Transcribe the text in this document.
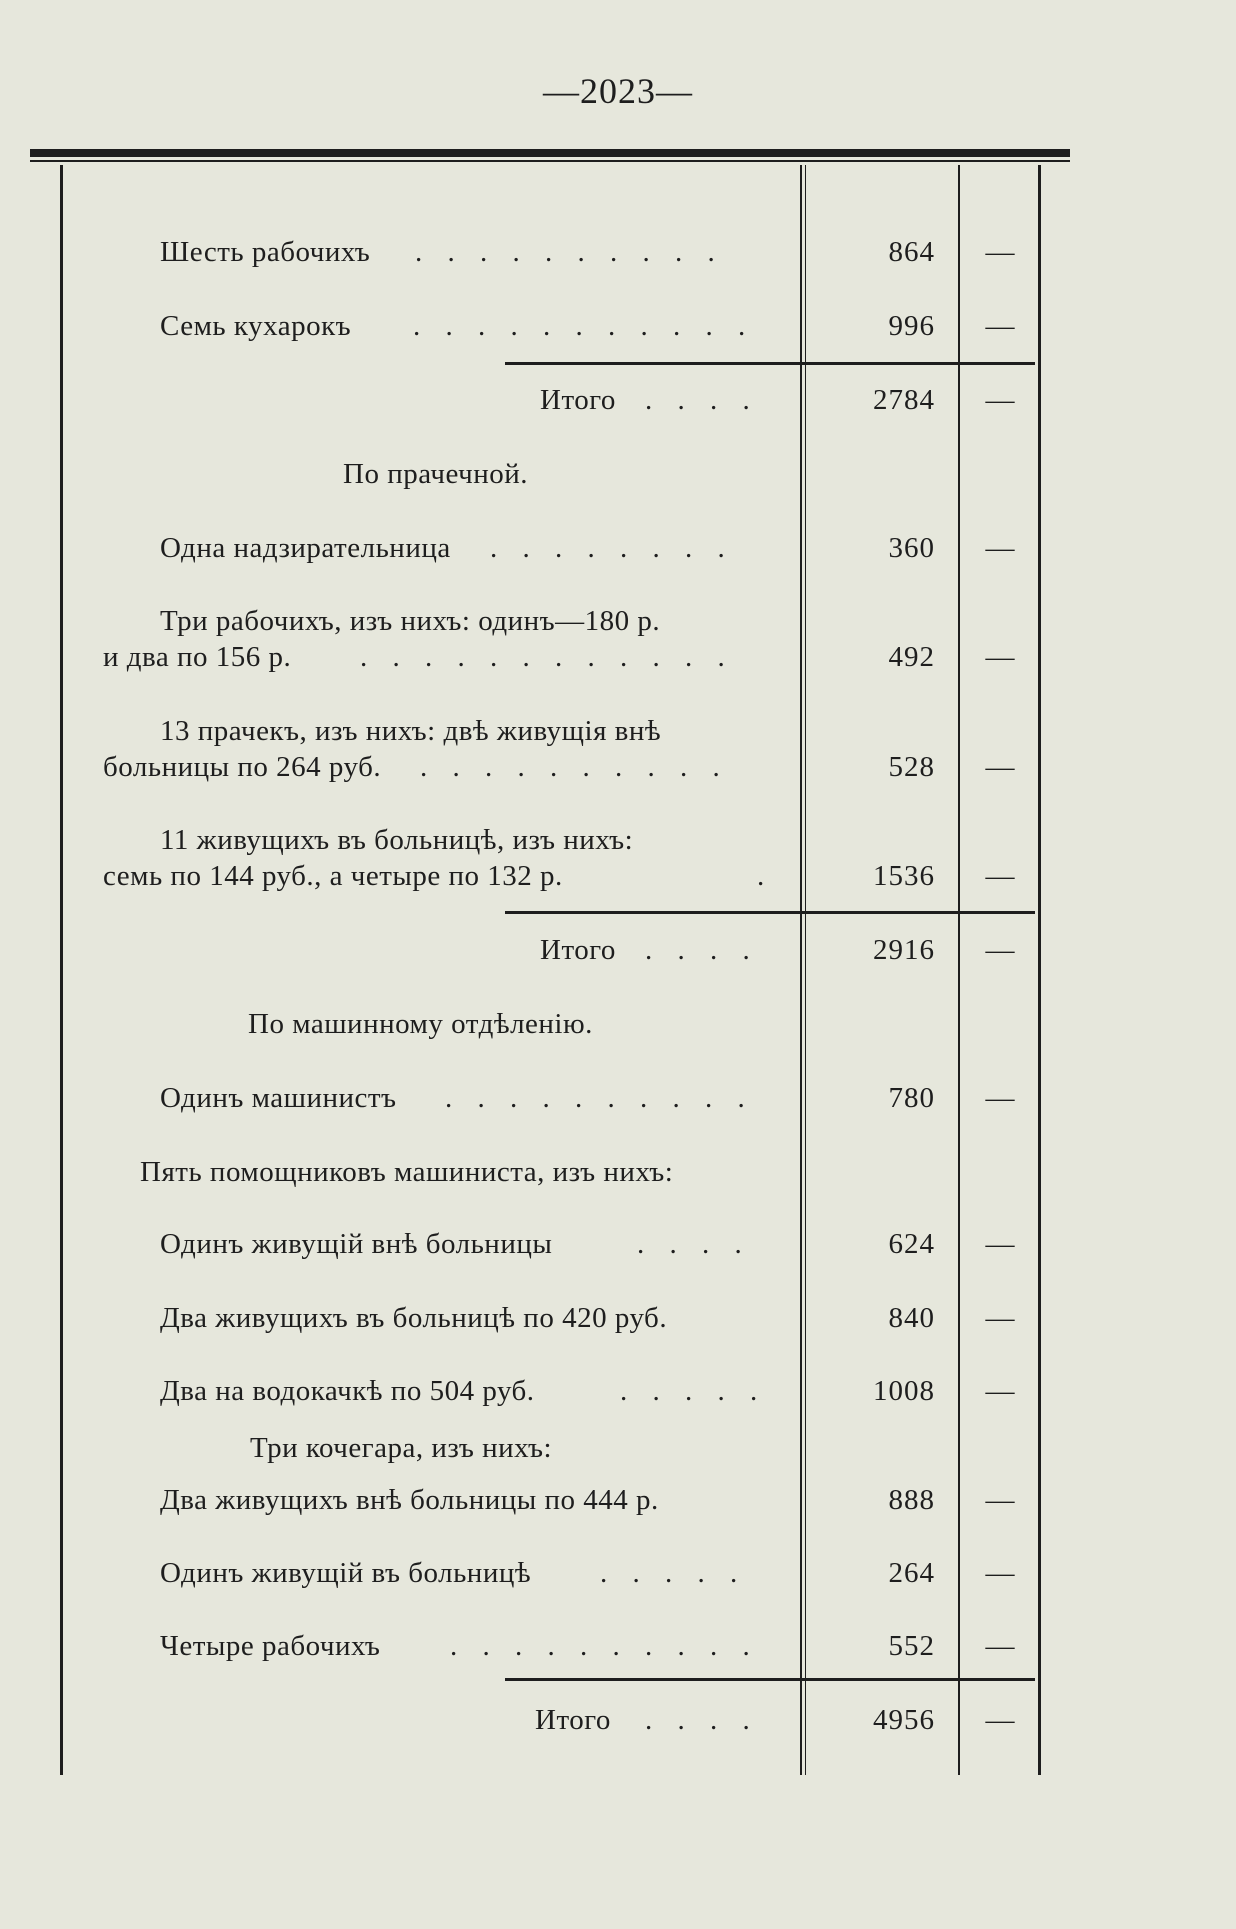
—2023—
Шесть рабочихъ . . . . . . . . . .	864 —
Семь кухарокъ . . . . . . . . . . .	996 —
Итого . . . .	2784 —
По прачечной.
Одна надзирательница . . . . . . . .	360 —
Три рабочихъ, изъ нихъ: одинъ—180 р.
и два по 156 р. . . . . . . . . . . . .	492 —
13 прачекъ, изъ нихъ: двѣ живущія внѣ
больницы по 264 руб. . . . . . . . . . .	528 —
11 живущихъ въ больницѣ, изъ нихъ:
семь по 144 руб., а четыре по 132 р.	.	1536 —
Итого . . . .	2916 —
По машинному отдѣленію.
Одинъ машинистъ . . . . . . . . . .	780 —
Пять помощниковъ машиниста, изъ нихъ:
Одинъ живущій внѣ больницы	. . . .	624 —
Два живущихъ въ больницѣ по 420 руб.	840 —
Два на водокачкѣ по 504 руб.	. . . . .	1008 —
Три кочегара, изъ нихъ:
Два живущихъ внѣ больницы по 444 р.	888 —
Одинъ живущій въ больницѣ . . . . .	264 —
Четыре рабочихъ . . . . . . . . . .	552 —
Итого . . . .	4956 —
